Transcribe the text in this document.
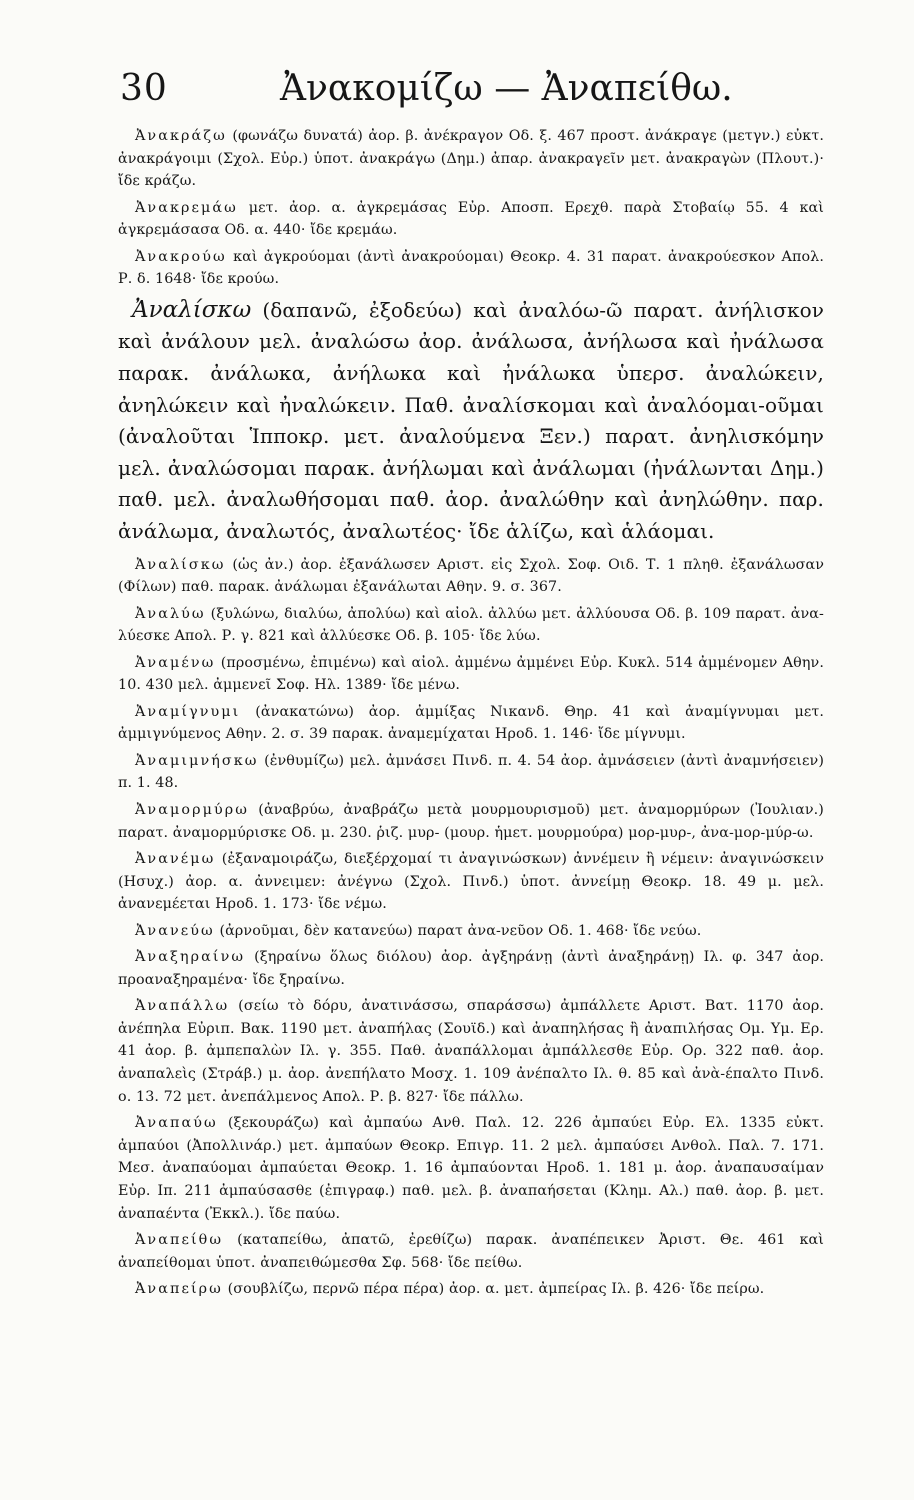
30	Ἀνακομίζω — Ἀναπείθω.

Ἀνακράζω (φωνάζω δυνατά) ἀορ. β. ἀνέκραγον Οδ. ξ. 467 προστ. ἀνάκραγε (μετγν.) εὐκτ. ἀνακράγοιμι (Σχολ. Εὐρ.) ὑποτ. ἀνακράγω (Δημ.) ἀπαρ. ἀνακραγεῖν μετ. ἀνακραγὼν (Πλουτ.)· ἴδε κράζω.

Ἀνακρεμάω μετ. ἀορ. α. ἀγκρεμάσας Εὐρ. Αποσπ. Ερεχθ. παρὰ Στοβαίῳ 55. 4 καὶ ἀγκρεμάσασα Οδ. α. 440· ἴδε κρεμάω.

Ἀνακρούω καὶ ἀγκρούομαι (ἀντὶ ἀνακρούομαι) Θεοκρ. 4. 31 παρατ. ἀνακρούεσκον Απολ. Ρ. δ. 1648· ἴδε κρούω.

Ἀναλίσκω (δαπανῶ, ἐξοδεύω) καὶ ἀναλόω-ῶ παρατ. ἀνήλισκον καὶ ἀνάλουν μελ. ἀναλώσω ἀορ. ἀνάλωσα, ἀνήλωσα καὶ ἠνάλωσα παρακ. ἀνάλωκα, ἀνήλωκα καὶ ἠνάλωκα ὑπερσ. ἀναλώκειν, ἀνηλώκειν καὶ ἠναλώκειν. Παθ. ἀναλίσκομαι καὶ ἀναλόομαι-οῦμαι (ἀναλοῦται Ἱπποκρ. μετ. ἀναλούμενα Ξεν.) παρατ. ἀνηλισκόμην μελ. ἀναλώσομαι παρακ. ἀνήλωμαι καὶ ἀνάλωμαι (ἠνάλωνται Δημ.) παθ. μελ. ἀναλωθήσομαι παθ. ἀορ. ἀναλώθην καὶ ἀνηλώθην. παρ. ἀνάλωμα, ἀναλωτός, ἀναλωτέος· ἴδε ἁλίζω, καὶ ἁλάομαι.

Ἀναλίσκω (ὡς ἀν.) ἀορ. ἐξανάλωσεν Αριστ. εἰς Σχολ. Σοφ. Οιδ. Τ. 1 πληθ. ἐξανάλωσαν (Φίλων) παθ. παρακ. ἀνάλωμαι ἐξανάλωται Αθην. 9. σ. 367.

Ἀναλύω (ξυλώνω, διαλύω, ἀπολύω) καὶ αἰολ. ἀλλύω μετ. ἀλλύουσα Οδ. β. 109 παρατ. ἀνα-λύεσκε Απολ. Ρ. γ. 821 καὶ ἀλλύεσκε Οδ. β. 105· ἴδε λύω.

Ἀναμένω (προσμένω, ἐπιμένω) καὶ αἰολ. ἀμμένω ἀμμένει Εὐρ. Κυκλ. 514 ἀμμένομεν Αθην. 10. 430 μελ. ἀμμενεῖ Σοφ. Ηλ. 1389· ἴδε μένω.

Ἀναμίγνυμι (ἀνακατώνω) ἀορ. ἀμμίξας Νικανδ. Θηρ. 41 καὶ ἀναμίγνυμαι μετ. ἀμμιγνύμενος Αθην. 2. σ. 39 παρακ. ἀναμεμίχαται Ηροδ. 1. 146· ἴδε μίγνυμι.

Ἀναμιμνήσκω (ἐνθυμίζω) μελ. ἀμνάσει Πινδ. π. 4. 54 ἀορ. ἀμνάσειεν (ἀντὶ ἀναμνήσειεν) π. 1. 48.

Ἀναμορμύρω (ἀναβρύω, ἀναβράζω μετὰ μουρμουρισμοῦ) μετ. ἀναμορμύρων (Ἰουλιαν.) παρατ. ἀναμορμύρισκε Οδ. μ. 230. ῥιζ. μυρ- (μουρ. ἡμετ. μουρμούρα) μορ-μυρ-, ἀνα-μορ-μύρ-ω.

Ἀνανέμω (ἐξαναμοιράζω, διεξέρχομαί τι ἀναγινώσκων) ἀννέμειν ἢ νέμειν: ἀναγινώσκειν (Ησυχ.) ἀορ. α. ἀννειμεν: ἀνέγνω (Σχολ. Πινδ.) ὑποτ. ἀννείμῃ Θεοκρ. 18. 49 μ. μελ. ἀνανεμέεται Ηροδ. 1. 173· ἴδε νέμω.

Ἀνανεύω (ἀρνοῦμαι, δὲν κατανεύω) παρατ ἀνα-νεῦον Οδ. 1. 468· ἴδε νεύω.

Ἀναξηραίνω (ξηραίνω ὅλως διόλου) ἀορ. ἀγξηράνῃ (ἀντὶ ἀναξηράνῃ) Ιλ. φ. 347 ἀορ. προαναξηραμένα· ἴδε ξηραίνω.

Ἀναπάλλω (σείω τὸ δόρυ, ἀνατινάσσω, σπαράσσω) ἀμπάλλετε Αριστ. Βατ. 1170 ἀορ. ἀνέπηλα Εὐριπ. Βακ. 1190 μετ. ἀναπήλας (Σουϊδ.) καὶ ἀναπηλήσας ἢ ἀναπιλήσας Ομ. Υμ. Ερ. 41 ἀορ. β. ἀμπεπαλὼν Ιλ. γ. 355. Παθ. ἀναπάλλομαι ἀμπάλλεσθε Εὐρ. Ορ. 322 παθ. ἀορ. ἀναπαλεὶς (Στράβ.) μ. ἀορ. ἀνεπήλατο Μοσχ. 1. 109 ἀνέπαλτο Ιλ. θ. 85 καὶ ἀνὰ-έπαλτο Πινδ. ο. 13. 72 μετ. ἀνεπάλμενος Απολ. Ρ. β. 827· ἴδε πάλλω.

Ἀναπαύω (ξεκουράζω) καὶ ἀμπαύω Ανθ. Παλ. 12. 226 ἀμπαύει Εὐρ. Ελ. 1335 εὐκτ. ἀμπαύοι (Ἀπολλινάρ.) μετ. ἀμπαύων Θεοκρ. Επιγρ. 11. 2 μελ. ἀμπαύσει Ανθολ. Παλ. 7. 171. Μεσ. ἀναπαύομαι ἀμπαύεται Θεοκρ. 1. 16 ἀμπαύονται Ηροδ. 1. 181 μ. ἀορ. ἀναπαυσαίμαν Εὐρ. Ιπ. 211 ἀμπαύσασθε (ἐπιγραφ.) παθ. μελ. β. ἀναπαήσεται (Κλημ. Αλ.) παθ. ἀορ. β. μετ. ἀναπαέντα (Ἐκκλ.). ἴδε παύω.

Ἀναπείθω (καταπείθω, ἀπατῶ, ἐρεθίζω) παρακ. ἀναπέπεικεν Ἀριστ. Θε. 461 καὶ ἀναπείθομαι ὑποτ. ἀναπειθώμεσθα Σφ. 568· ἴδε πείθω.

Ἀναπείρω (σουβλίζω, περνῶ πέρα πέρα) ἀορ. α. μετ. ἀμπείρας Ιλ. β. 426· ἴδε πείρω.
